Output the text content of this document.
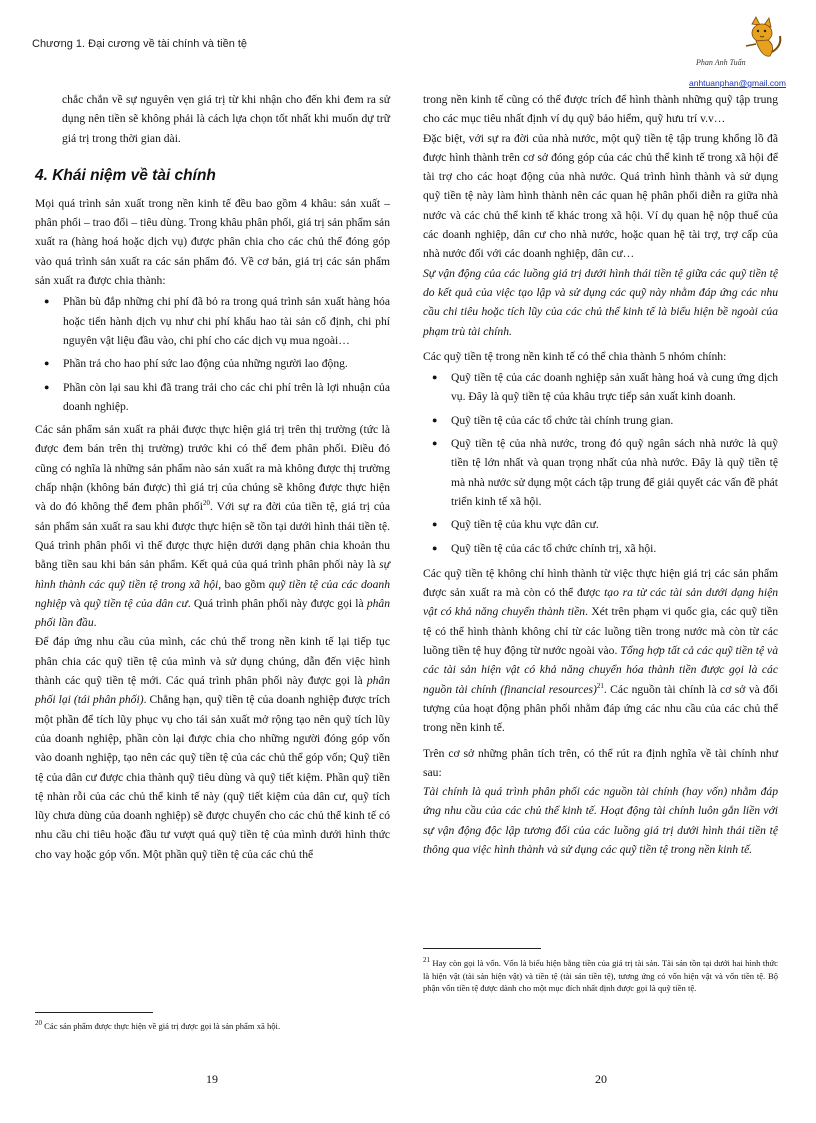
Chương 1. Đại cương về tài chính và tiền tệ
Phan Anh Tuấn
anhtuanphan@gmail.com

chắc chắn về sự nguyên vẹn giá trị từ khi nhận cho đến khi đem ra sử dụng nên tiền sẽ không phải là cách lựa chọn tốt nhất khi muốn dự trữ giá trị trong thời gian dài.

4. Khái niệm về tài chính

Mọi quá trình sản xuất trong nền kinh tế đều bao gồm 4 khâu: sản xuất – phân phối – trao đổi – tiêu dùng. Trong khâu phân phối, giá trị sản phẩm sản xuất ra (hàng hoá hoặc dịch vụ) được phân chia cho các chủ thể đóng góp vào quá trình sản xuất ra các sản phẩm đó. Về cơ bản, giá trị các sản phẩm sản xuất ra được chia thành:

● Phần bù đắp những chi phí đã bỏ ra trong quá trình sản xuất hàng hóa hoặc tiến hành dịch vụ như chi phí khấu hao tài sản cố định, chi phí nguyên vật liệu đầu vào, chi phí cho các dịch vụ mua ngoài…
● Phần trả cho hao phí sức lao động của những người lao động.
● Phần còn lại sau khi đã trang trải cho các chi phí trên là lợi nhuận của doanh nghiệp.

Các sản phẩm sản xuất ra phải được thực hiện giá trị trên thị trường (tức là được đem bán trên thị trường) trước khi có thể đem phân phối. Điều đó cũng có nghĩa là những sản phẩm nào sản xuất ra mà không được thị trường chấp nhận (không bán được) thì giá trị của chúng sẽ không được thực hiện và do đó không thể đem phân phối$^{20}$. Với sự ra đời của tiền tệ, giá trị của sản phẩm sản xuất ra sau khi được thực hiện sẽ tồn tại dưới hình thái tiền tệ. Quá trình phân phối vì thế được thực hiện dưới dạng phân chia khoản thu bằng tiền sau khi bán sản phẩm. Kết quả của quá trình phân phối này là sự hình thành các quỹ tiền tệ trong xã hội, bao gồm quỹ tiền tệ của các doanh nghiệp và quỹ tiền tệ của dân cư. Quá trình phân phối này được gọi là phân phối lần đầu.

Để đáp ứng nhu cầu của mình, các chủ thể trong nền kinh tế lại tiếp tục phân chia các quỹ tiền tệ của mình và sử dụng chúng, dẫn đến việc hình thành các quỹ tiền tệ mới. Các quá trình phân phối này được gọi là phân phối lại (tái phân phối). Chẳng hạn, quỹ tiền tệ của doanh nghiệp được trích một phần để tích lũy phục vụ cho tái sản xuất mở rộng tạo nên quỹ tích lũy của doanh nghiệp, phần còn lại được chia cho những người đóng góp vốn vào doanh nghiệp, tạo nên các quỹ tiền tệ của các chủ thể góp vốn; Quỹ tiền tệ của dân cư được chia thành quỹ tiêu dùng và quỹ tiết kiệm. Phần quỹ tiền tệ nhàn rỗi của các chủ thể kinh tế này (quỹ tiết kiệm của dân cư, quỹ tích lũy chưa dùng của doanh nghiệp) sẽ được chuyển cho các chủ thể kinh tế có nhu cầu chi tiêu hoặc đầu tư vượt quá quỹ tiền tệ của mình dưới hình thức cho vay hoặc góp vốn. Một phần quỹ tiền tệ của các chủ thể

$^{20}$ Các sản phẩm được thực hiện về giá trị được gọi là sản phẩm xã hội.
19

trong nền kinh tế cũng có thể được trích để hình thành những quỹ tập trung cho các mục tiêu nhất định ví dụ quỹ bảo hiểm, quỹ hưu trí v.v…

Đặc biệt, với sự ra đời của nhà nước, một quỹ tiền tệ tập trung khổng lồ đã được hình thành trên cơ sở đóng góp của các chủ thể kinh tế trong xã hội để tài trợ cho các hoạt động của nhà nước. Quá trình hình thành và sử dụng quỹ tiền tệ này làm hình thành nên các quan hệ phân phối diễn ra giữa nhà nước và các chủ thể kinh tế khác trong xã hội. Ví dụ quan hệ nộp thuế của các doanh nghiệp, dân cư cho nhà nước, hoặc quan hệ tài trợ, trợ cấp của nhà nước đối với các doanh nghiệp, dân cư…

Sự vận động của các luồng giá trị dưới hình thái tiền tệ giữa các quỹ tiền tệ do kết quả của việc tạo lập và sử dụng các quỹ này nhằm đáp ứng các nhu cầu chi tiêu hoặc tích lũy của các chủ thể kinh tế là biểu hiện bề ngoài của phạm trù tài chính.

Các quỹ tiền tệ trong nền kinh tế có thể chia thành 5 nhóm chính:

● Quỹ tiền tệ của các doanh nghiệp sản xuất hàng hoá và cung ứng dịch vụ. Đây là quỹ tiền tệ của khâu trực tiếp sản xuất kinh doanh.
● Quỹ tiền tệ của các tổ chức tài chính trung gian.
● Quỹ tiền tệ của nhà nước, trong đó quỹ ngân sách nhà nước là quỹ tiền tệ lớn nhất và quan trọng nhất của nhà nước. Đây là quỹ tiền tệ mà nhà nước sử dụng một cách tập trung để giải quyết các vấn đề phát triển kinh tế xã hội.
● Quỹ tiền tệ của khu vực dân cư.
● Quỹ tiền tệ của các tổ chức chính trị, xã hội.

Các quỹ tiền tệ không chỉ hình thành từ việc thực hiện giá trị các sản phẩm được sản xuất ra mà còn có thể được tạo ra từ các tài sản dưới dạng hiện vật có khả năng chuyển thành tiền. Xét trên phạm vi quốc gia, các quỹ tiền tệ có thể hình thành không chỉ từ các luồng tiền trong nước mà còn từ các luồng tiền tệ huy động từ nước ngoài vào. Tổng hợp tất cả các quỹ tiền tệ và các tài sản hiện vật có khả năng chuyển hóa thành tiền được gọi là các nguồn tài chính (financial resources)$^{21}$. Các nguồn tài chính là cơ sở và đối tượng của hoạt động phân phối nhằm đáp ứng các nhu cầu của các chủ thể trong nền kinh tế.

Trên cơ sở những phân tích trên, có thể rút ra định nghĩa về tài chính như sau:

Tài chính là quá trình phân phối các nguồn tài chính (hay vốn) nhằm đáp ứng nhu cầu của các chủ thể kinh tế. Hoạt động tài chính luôn gắn liền với sự vận động độc lập tương đối của các luồng giá trị dưới hình thái tiền tệ thông qua việc hình thành và sử dụng các quỹ tiền tệ trong nền kinh tế.

$^{21}$ Hay còn gọi là vốn. Vốn là biểu hiện bằng tiền của giá trị tài sản. Tài sản tồn tại dưới hai hình thức là hiện vật (tài sản hiện vật) và tiền tệ (tài sản tiền tệ), tương ứng có vốn hiện vật và vốn tiền tệ. Bộ phận vốn tiền tệ được dành cho một mục đích nhất định được gọi là quỹ tiền tệ.
20
